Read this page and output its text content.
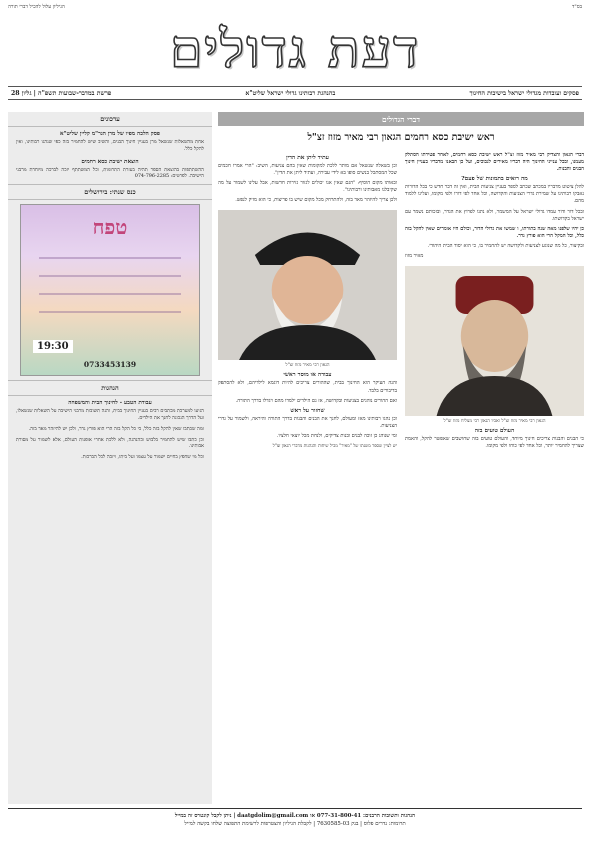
בס"ד
הגיליון עלול להכיל דברי תורה
דעת גדולים
פסקים ועובדות מגדולי ישראל בישיבות החינוך
בהנהגת רבותינו גדולי ישראל שליט"א
פרשת במדבר-שבועות תשפ"ה | גליון 28
דברי הגדולים
ראש ישיבת כסא רחמים הגאון רבי מאיר מזוז זצ"ל

דברי הגאון והצדיק רבי מאיר מזוז זצ"ל ראש ישיבת כסא רחמים, לאחר פטירתו הסתלק מעמנו, ובכל ענייני החינוך היה דבריו מאירים לנבוכים, ועל כן הבאנו מדבריו בעניין חינוך הבנים והבנות.

מה רואים בתמונות של פעם?

להלן ציטוט מדבריו במכתב שכתב לספר בעניין צניעות הבית, ואין זה דבר חדש כי בכל הדורות נאבקו רבותינו על שמירת גדרי הצניעות והקדושה, וכל אחד לפי דורו ולפי מקומו, ועלינו ללמוד מהם.

ובכל דור ודור עמדו גדולי ישראל על המשמר, ולא נתנו לפרוץ את הגדר, ובזכותם נשמר עם ישראל בקדושתו.

כן יהיו שלפנו מאה שנה בתורתו, ו שמשו את גדולי הדור, וכולם היו אומרים שאין להקל בזה כלל, וכל המקל הרי הוא פורץ גדר.

ובקיצור, כל מה שנוגע לצניעות ולקדושה יש להחמיר בו, כי הוא יסוד הבית היהודי.

מאיר מזוז

הגאון רבי מאיר מזוז זצ"ל ואביו הגאון רבי מצליח מזוז זצ"ל
העולם טועים בזה

כי הבנים והבנות צריכים חינוך מיוחד, והעולם טועים בזה שחושבים שאפשר להקל, והאמת שצריך להחמיר יותר, וכל אחד לפי כוחו ולפי מקומו.

עתיד ליתן את הדין

וכן בשאלה שנשאל אם מותר ללכת למקומות שאין בהם צניעות, השיב: "הרי אמרו חכמים שכל המסתכל בנשים סופו בא לידי עבירה, ועתיד ליתן את הדין".

ובאותו מקום הוסיף: "הגם שאין אנו יכולים לגזור גזירות חדשות, אבל עלינו לשמור על מה שקיבלנו מאבותינו ורבותינו".

ולכן צריך להיזהר מאד בזה, ולהתרחק מכל מקום שיש בו פריצות, כי הוא מזיק לנפש.

הגאון רבי מאיר מזוז זצ"ל
עבודה או מוסר ראשי

והנה העיקר הוא החינוך בבית, שההורים צריכים להיות דוגמא לילדיהם, ולא להסתפק בדיבורים בלבד.

ואם ההורים נוהגים בצניעות ובקדושה, אז גם הילדים ילמדו מהם ויגדלו בדרך התורה.

שחזור על ראש

וכן נהגו רבותינו מאז ומעולם, לחנך את הבנים והבנות בדרך התורה והיראה, ולשמור על גדרי הצניעות.

ומי שנוהג כן זוכה לבנים ובנות צדיקים, ולנחת מכל יוצאי חלציו.

יש לציין שספר משנתו של "מאיר" מכיל שיחות והנהגות מדברי הגאון זצ"ל

עדכונים
פסק הלכה מפיו של מרן הגר"מ קליין שליט"א

אחת מהשאלות שנשאל מרן בעניין חינוך הבנים, והשיב שיש להחמיר בזה כפי שנהגו רבותינו, ואין להקל כלל.

הוצאת ישיבת כסא רחמים

ההשתתפות בהוצאת הספר תהיה בעזרת התרומות, וכל המשתתף יזכה לברכה מיוחדת מרבני הישיבה. לפרטים: 074-796-2285

כנס שנתי: בירושלים
טפח
19:30
0733453139
הגהגות
עבודת הטבע - לחינוך הבית והמשפחה

הגיעו למערכת מכתבים רבים בעניין החינוך בבית, והנה תשובות מרבני הישיבה על השאלות שנשאלו, ועל הדרך הנכונה לחנך את הילדים.

ומה שכתבו שאין להקל בזה כלל, כי כל הקל בזה הרי הוא פורץ גדר, ולכן יש להיזהר מאד בזה.

וכן כתבו שיש להחמיר בלבוש ובהנהגה, ולא ללכת אחרי אופנות העולם, אלא לשמור על מסורת אבותינו.

וכל מי שחפץ בחיים ישמור על עצמו ועל ביתו, ויזכה לכל הברכות.

הנהגות ותשובות הרבנים: 077-31-800-41 או daatgdolim@gmail.com | ניתן לקבל קונטרס זה במייל
תרומות: נדרים פלוס | בנק 7630585-03 | לקבלת הגיליון והצטרפות לרשימת התפוצה שלחו בקשה למייל
